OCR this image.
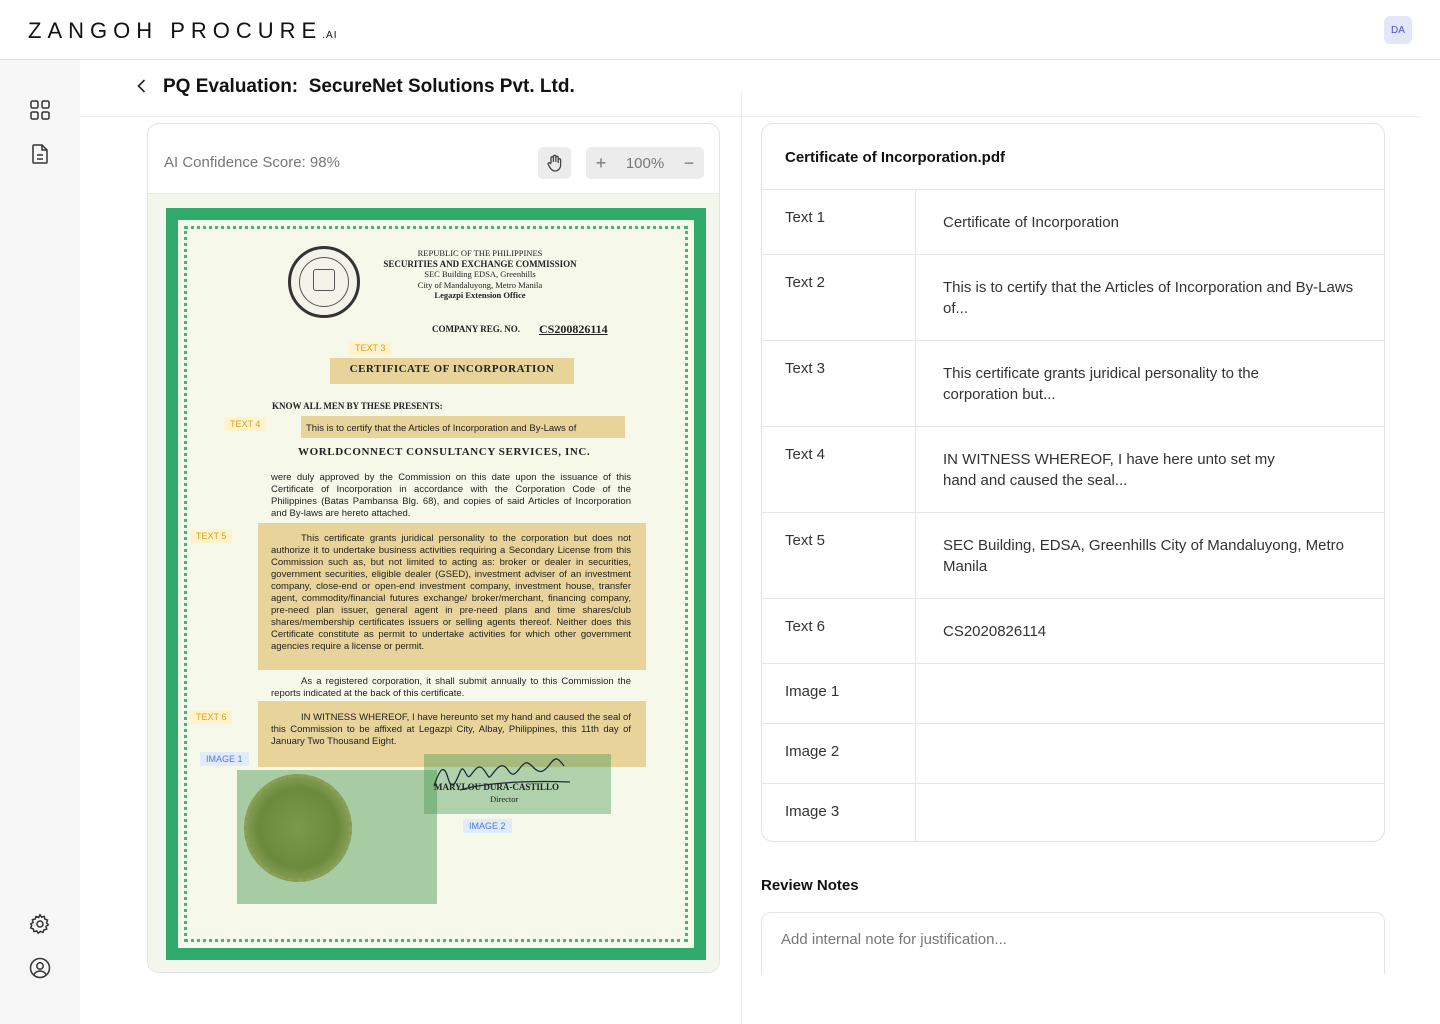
ZANGOH PROCURE.AI	DA
PQ Evaluation:  SecureNet Solutions Pvt. Ltd.
AI Confidence Score: 98%	+ 100% −
REPUBLIC OF THE PHILIPPINES
SECURITIES AND EXCHANGE COMMISSION
SEC Building EDSA, Greenhills
City of Mandaluyong, Metro Manila
Legazpi Extension Office
COMPANY REG. NO. CS200826114
TEXT 3
CERTIFICATE OF INCORPORATION
KNOW ALL MEN BY THESE PRESENTS:
TEXT 4	This is to certify that the Articles of Incorporation and By-Laws of
WORLDCONNECT CONSULTANCY SERVICES, INC.
were duly approved by the Commission on this date upon the issuance of this Certificate of Incorporation in accordance with the Corporation Code of the Philippines (Batas Pambansa Blg. 68), and copies of said Articles of Incorporation and By-laws are hereto attached.
TEXT 5	This certificate grants juridical personality to the corporation but does not authorize it to undertake business activities requiring a Secondary License from this Commission such as, but not limited to acting as: broker or dealer in securities, government securities, eligible dealer (GSED), investment adviser of an investment company, close-end or open-end investment company, investment house, transfer agent, commodity/financial futures exchange/ broker/merchant, financing company, pre-need plan issuer, general agent in pre-need plans and time shares/club shares/membership certificates issuers or selling agents thereof. Neither does this Certificate constitute as permit to undertake activities for which other government agencies require a license or permit.
As a registered corporation, it shall submit annually to this Commission the reports indicated at the back of this certificate.
TEXT 6	IN WITNESS WHEREOF, I have hereunto set my hand and caused the seal of this Commission to be affixed at Legazpi City, Albay, Philippines, this 11th day of January Two Thousand Eight.
IMAGE 1
MARYLOU DURA-CASTILLO
Director
IMAGE 2
Certificate of Incorporation.pdf
Text 1	Certificate of Incorporation
Text 2	This is to certify that the Articles of Incorporation and By-Laws of...
Text 3	This certificate grants juridical personality to the corporation but...
Text 4	IN WITNESS WHEREOF, I have here unto set my hand and caused the seal...
Text 5	SEC Building, EDSA, Greenhills City of Mandaluyong, Metro Manila
Text 6	CS2020826114
Image 1
Image 2
Image 3
Review Notes
Add internal note for justification...
